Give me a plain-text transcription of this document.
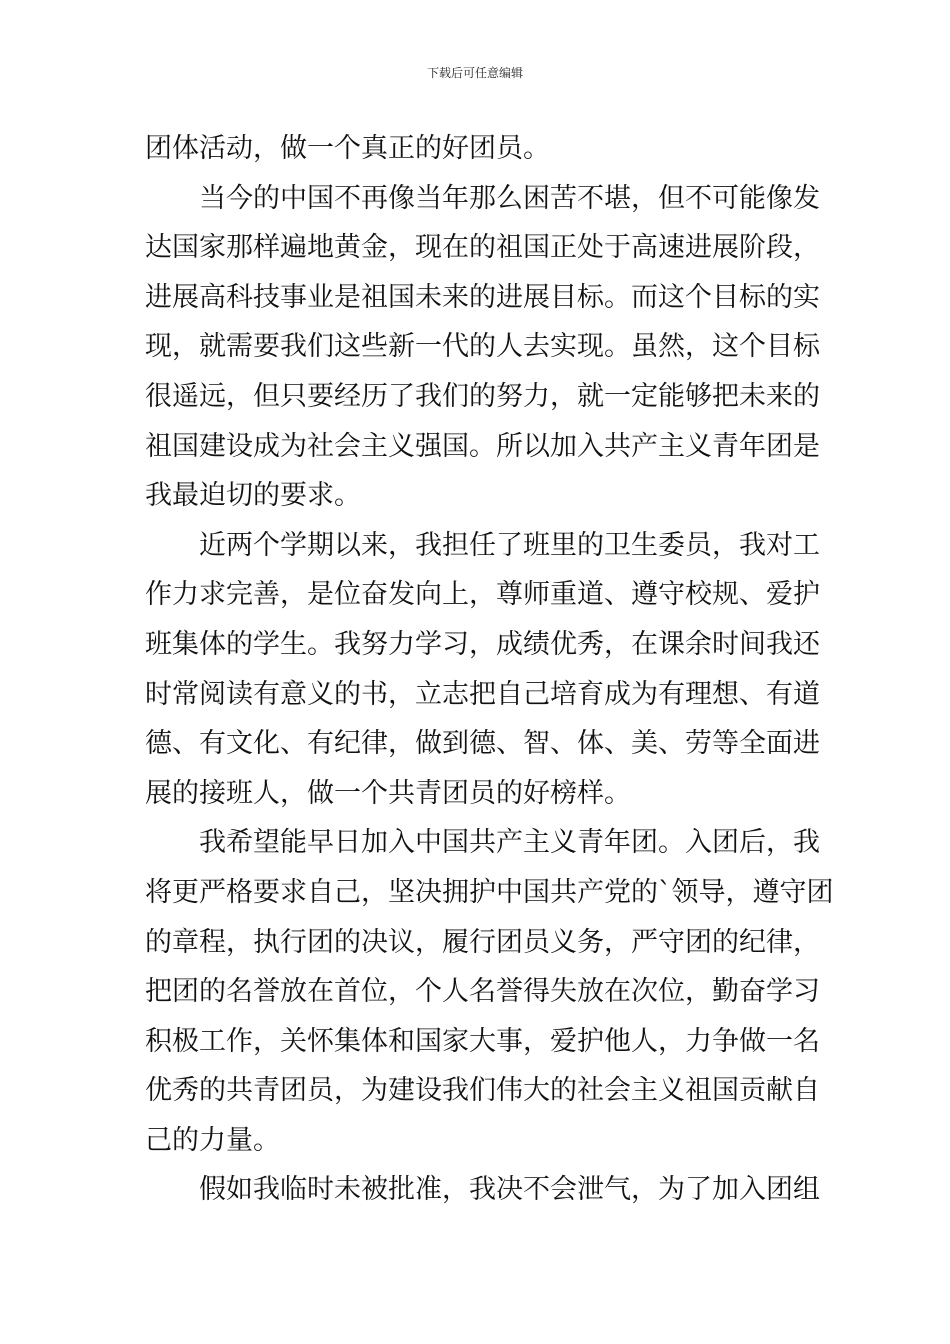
下载后可任意编辑
团体活动，做一个真正的好团员。
当今的中国不再像当年那么困苦不堪，但不可能像发
达国家那样遍地黄金，现在的祖国正处于高速进展阶段，
进展高科技事业是祖国未来的进展目标。而这个目标的实
现，就需要我们这些新一代的人去实现。虽然，这个目标
很遥远，但只要经历了我们的努力，就一定能够把未来的
祖国建设成为社会主义强国。所以加入共产主义青年团是
我最迫切的要求。
近两个学期以来，我担任了班里的卫生委员，我对工
作力求完善，是位奋发向上，尊师重道、遵守校规、爱护
班集体的学生。我努力学习，成绩优秀，在课余时间我还
时常阅读有意义的书，立志把自己培育成为有理想、有道
德、有文化、有纪律，做到德、智、体、美、劳等全面进
展的接班人，做一个共青团员的好榜样。
我希望能早日加入中国共产主义青年团。入团后，我
将更严格要求自己，坚决拥护中国共产党的`领导，遵守团
的章程，执行团的决议，履行团员义务，严守团的纪律，
把团的名誉放在首位，个人名誉得失放在次位，勤奋学习
积极工作，关怀集体和国家大事，爱护他人，力争做一名
优秀的共青团员，为建设我们伟大的社会主义祖国贡献自
己的力量。
假如我临时未被批准，我决不会泄气，为了加入团组
